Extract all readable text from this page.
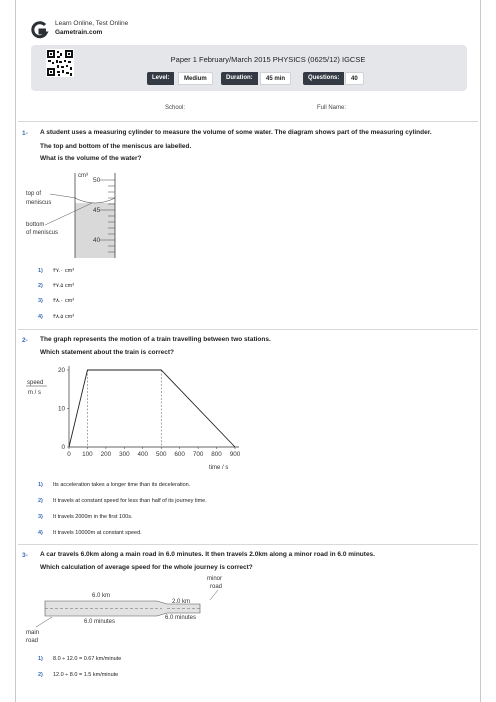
Learn Online, Test Online
Gametrain.com
Paper 1 February/March 2015 PHYSICS (0625/12) IGCSE
Level:	Medium	Duration:	45 min	Questions:	40
School:	Full Name:
1- A student uses a measuring cylinder to measure the volume of some water. The diagram shows part of the measuring cylinder.
The top and bottom of the meniscus are labelled.
What is the volume of the water?
cm³
50
45
40
top of
meniscus
bottom
of meniscus
1) ۴۷.۰ cm³
2) ۴۷.۵ cm³
3) ۴۸.۰ cm³
4) ۴۸.۵ cm³
2- The graph represents the motion of a train travelling between two stations.
Which statement about the train is correct?
speed
m / s
time / s
0 100 200 300 400 500 600 700 800 900
0
10
20
1) Its acceleration takes a longer time than its deceleration.
2) It travels at constant speed for less than half of its journey time.
3) It travels 2000m in the first 100s.
4) It travels 10000m at constant speed.
3- A car travels 6.0km along a main road in 6.0 minutes. It then travels 2.0km along a minor road in 6.0 minutes.
Which calculation of average speed for the whole journey is correct?
minor
road
6.0 km
2.0 km
6.0 minutes
6.0 minutes
main
road
1) 8.0 ÷ 12.0 = 0.67 km/minute
2) 12.0 ÷ 8.0 = 1.5 km/minute
